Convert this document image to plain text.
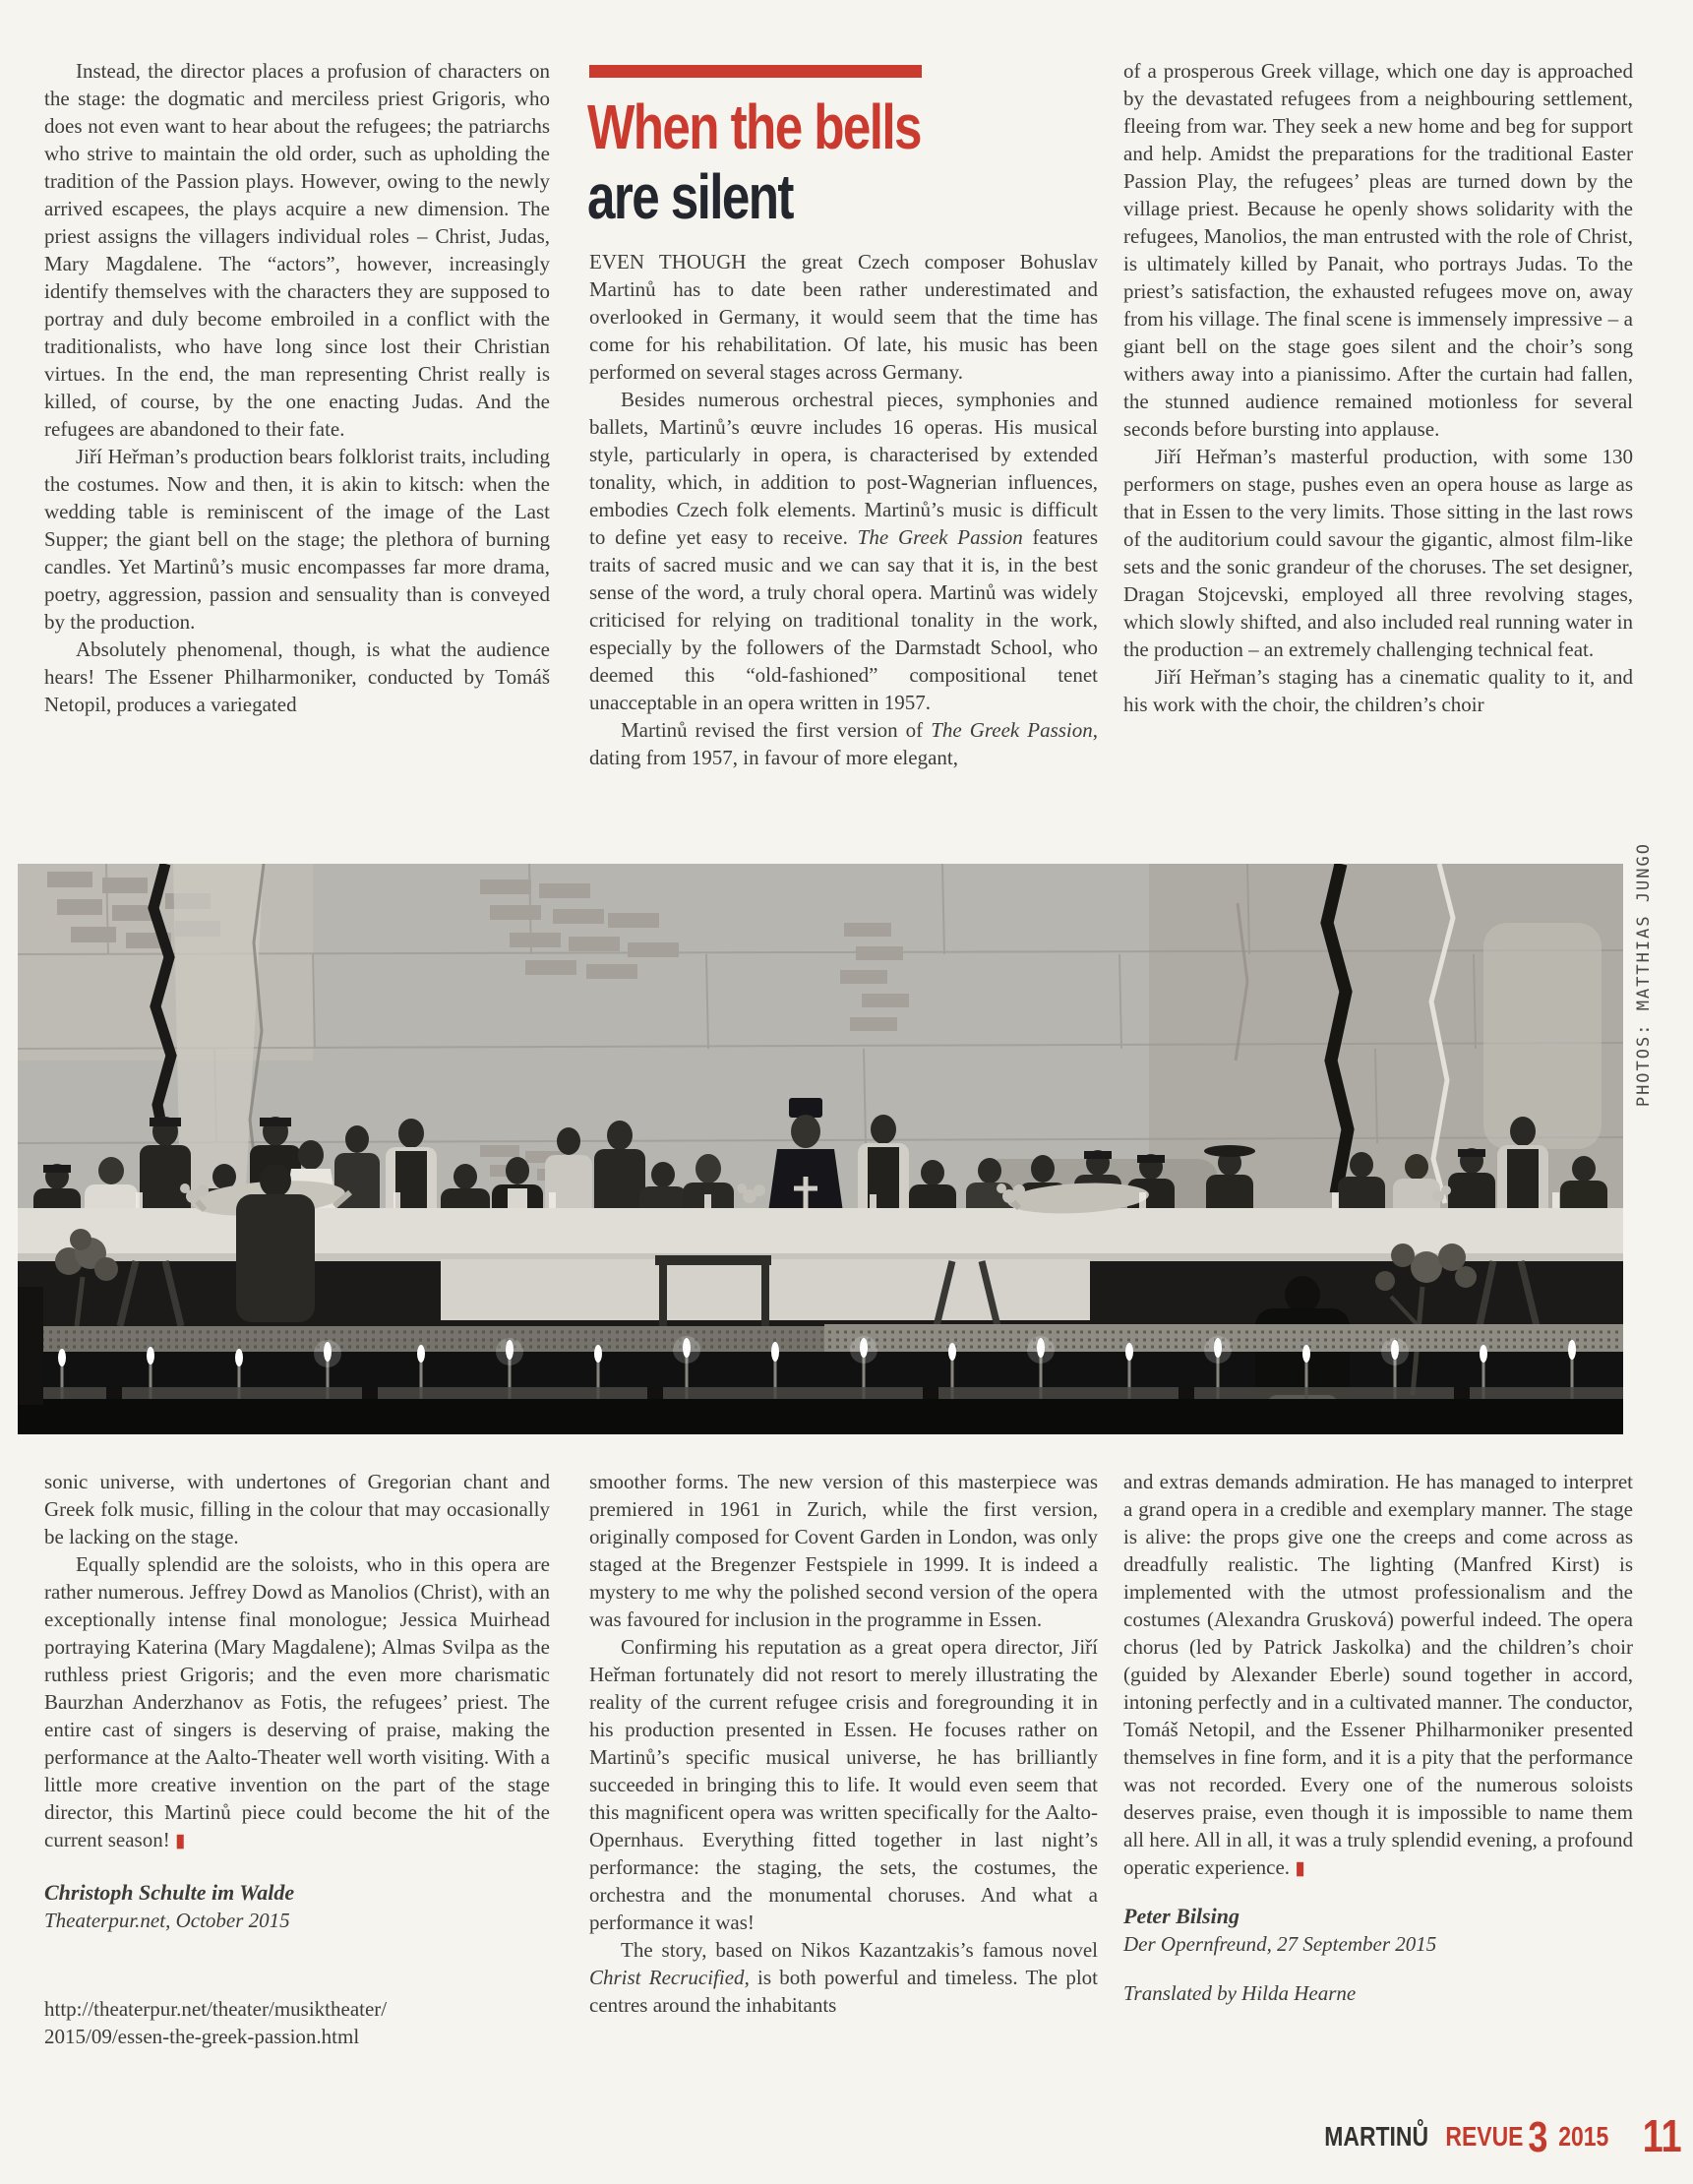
Instead, the director places a profusion of characters on the stage: the dogmatic and merciless priest Grigoris, who does not even want to hear about the refugees; the patriarchs who strive to maintain the old order, such as upholding the tradition of the Passion plays. However, owing to the newly arrived escapees, the plays acquire a new dimension. The priest assigns the villagers individual roles – Christ, Judas, Mary Magdalene. The “actors”, however, increasingly identify themselves with the characters they are supposed to portray and duly become embroiled in a conflict with the traditionalists, who have long since lost their Christian virtues. In the end, the man representing Christ really is killed, of course, by the one enacting Judas. And the refugees are abandoned to their fate.

Jiří Heřman’s production bears folklorist traits, including the costumes. Now and then, it is akin to kitsch: when the wedding table is reminiscent of the image of the Last Supper; the giant bell on the stage; the plethora of burning candles. Yet Martinů’s music encompasses far more drama, poetry, aggression, passion and sensuality than is conveyed by the production.

Absolutely phenomenal, though, is what the audience hears! The Essener Philharmoniker, conducted by Tomáš Netopil, produces a variegated

When the bells
are silent

EVEN THOUGH the great Czech composer Bohuslav Martinů has to date been rather underestimated and overlooked in Germany, it would seem that the time has come for his rehabilitation. Of late, his music has been performed on several stages across Germany.

Besides numerous orchestral pieces, symphonies and ballets, Martinů’s œuvre includes 16 operas. His musical style, particularly in opera, is characterised by extended tonality, which, in addition to post-Wagnerian influences, embodies Czech folk elements. Martinů’s music is difficult to define yet easy to receive. The Greek Passion features traits of sacred music and we can say that it is, in the best sense of the word, a truly choral opera. Martinů was widely criticised for relying on traditional tonality in the work, especially by the followers of the Darmstadt School, who deemed this “old-fashioned” compositional tenet unacceptable in an opera written in 1957.

Martinů revised the first version of The Greek Passion, dating from 1957, in favour of more elegant,

of a prosperous Greek village, which one day is approached by the devastated refugees from a neighbouring settlement, fleeing from war. They seek a new home and beg for support and help. Amidst the preparations for the traditional Easter Passion Play, the refugees’ pleas are turned down by the village priest. Because he openly shows solidarity with the refugees, Manolios, the man entrusted with the role of Christ, is ultimately killed by Panait, who portrays Judas. To the priest’s satisfaction, the exhausted refugees move on, away from his village. The final scene is immensely impressive – a giant bell on the stage goes silent and the choir’s song withers away into a pianissimo. After the curtain had fallen, the stunned audience remained motionless for several seconds before bursting into applause.

Jiří Heřman’s masterful production, with some 130 performers on stage, pushes even an opera house as large as that in Essen to the very limits. Those sitting in the last rows of the auditorium could savour the gigantic, almost film-like sets and the sonic grandeur of the choruses. The set designer, Dragan Stojcevski, employed all three revolving stages, which slowly shifted, and also included real running water in the production – an extremely challenging technical feat.

Jiří Heřman’s staging has a cinematic quality to it, and his work with the choir, the children’s choir

PHOTOS: MATTHIAS JUNGO

sonic universe, with undertones of Gregorian chant and Greek folk music, filling in the colour that may occasionally be lacking on the stage.

Equally splendid are the soloists, who in this opera are rather numerous. Jeffrey Dowd as Manolios (Christ), with an exceptionally intense final monologue; Jessica Muirhead portraying Katerina (Mary Magdalene); Almas Svilpa as the ruthless priest Grigoris; and the even more charismatic Baurzhan Anderzhanov as Fotis, the refugees’ priest. The entire cast of singers is deserving of praise, making the performance at the Aalto-Theater well worth visiting. With a little more creative invention on the part of the stage director, this Martinů piece could become the hit of the current season! ▮

Christoph Schulte im Walde

Theaterpur.net, October 2015

http://theaterpur.net/theater/musiktheater/

2015/09/essen-the-greek-passion.html

smoother forms. The new version of this masterpiece was premiered in 1961 in Zurich, while the first version, originally composed for Covent Garden in London, was only staged at the Bregenzer Festspiele in 1999. It is indeed a mystery to me why the polished second version of the opera was favoured for inclusion in the programme in Essen.

Confirming his reputation as a great opera director, Jiří Heřman fortunately did not resort to merely illustrating the reality of the current refugee crisis and foregrounding it in his production presented in Essen. He focuses rather on Martinů’s specific musical universe, he has brilliantly succeeded in bringing this to life. It would even seem that this magnificent opera was written specifically for the Aalto-Opernhaus. Everything fitted together in last night’s performance: the staging, the sets, the costumes, the orchestra and the monumental choruses. And what a performance it was!

The story, based on Nikos Kazantzakis’s famous novel Christ Recrucified, is both powerful and timeless. The plot centres around the inhabitants

and extras demands admiration. He has managed to interpret a grand opera in a credible and exemplary manner. The stage is alive: the props give one the creeps and come across as dreadfully realistic. The lighting (Manfred Kirst) is implemented with the utmost professionalism and the costumes (Alexandra Grusková) powerful indeed. The opera chorus (led by Patrick Jaskolka) and the children’s choir (guided by Alexander Eberle) sound together in accord, intoning perfectly and in a cultivated manner. The conductor, Tomáš Netopil, and the Essener Philharmoniker presented themselves in fine form, and it is a pity that the performance was not recorded. Every one of the numerous soloists deserves praise, even though it is impossible to name them all here. All in all, it was a truly splendid evening, a profound operatic experience. ▮

Peter Bilsing

Der Opernfreund, 27 September 2015

Translated by Hilda Hearne

MARTINŮ REVUE 3 2015 11
